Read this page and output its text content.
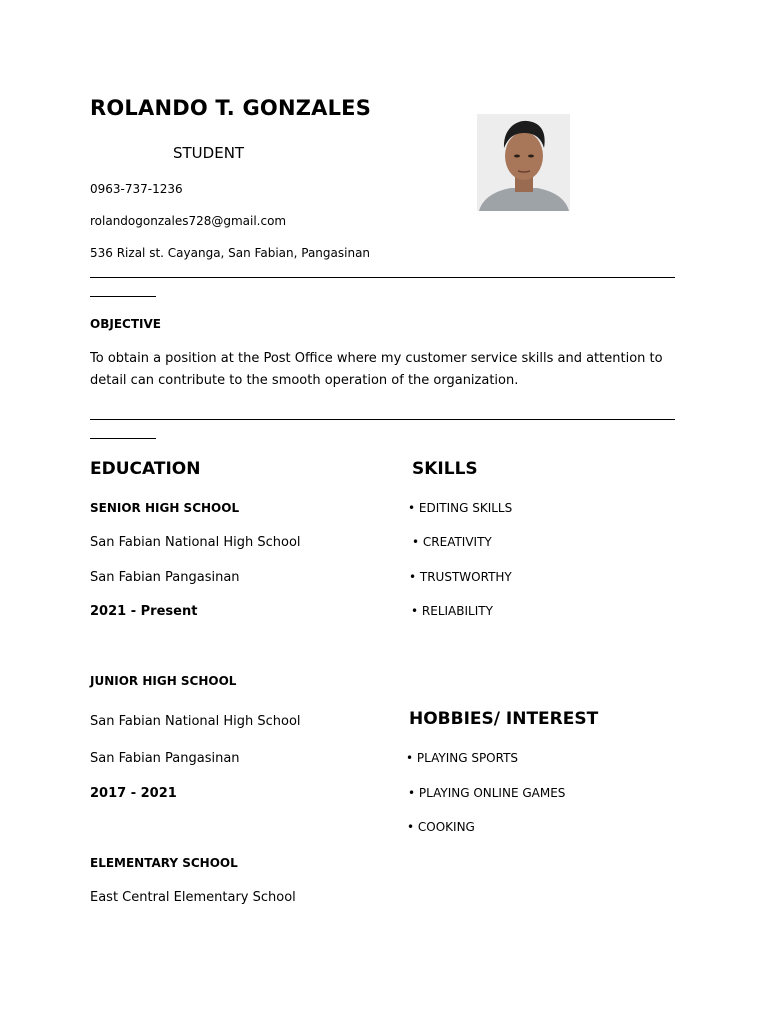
ROLANDO T. GONZALES
STUDENT
0963-737-1236
rolandogonzales728@gmail.com
536 Rizal st. Cayanga, San Fabian, Pangasinan
OBJECTIVE
To obtain a position at the Post Office where my customer service skills and attention to detail can contribute to the smooth operation of the organization.
EDUCATION
SENIOR HIGH SCHOOL
San Fabian National High School
San Fabian Pangasinan
2021 - Present
JUNIOR HIGH SCHOOL
San Fabian National High School
San Fabian Pangasinan
2017 - 2021
ELEMENTARY SCHOOL
East Central Elementary School
SKILLS
• EDITING SKILLS
• CREATIVITY
• TRUSTWORTHY
• RELIABILITY
HOBBIES/ INTEREST
• PLAYING SPORTS
• PLAYING ONLINE GAMES
• COOKING
